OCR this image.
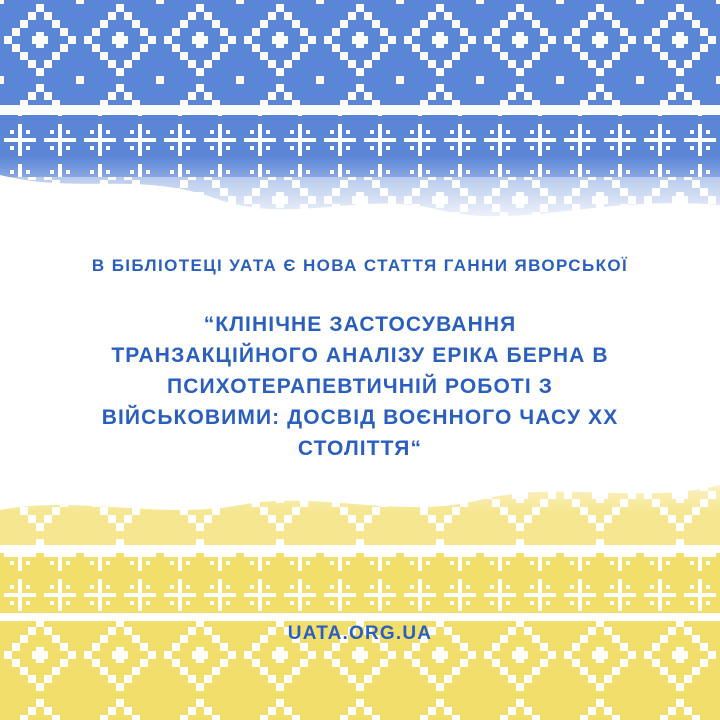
В БІБЛІОТЕЦІ УАТА Є НОВА СТАТТЯ ГАННИ ЯВОРСЬКОЇ
“КЛІНІЧНЕ ЗАСТОСУВАННЯ ТРАНЗАКЦІЙНОГО АНАЛІЗУ ЕРІКА БЕРНА В ПСИХОТЕРАПЕВТИЧНІЙ РОБОТІ З ВІЙСЬКОВИМИ: ДОСВІД ВОЄННОГО ЧАСУ XX СТОЛІТТЯ“
UATA.ORG.UA
